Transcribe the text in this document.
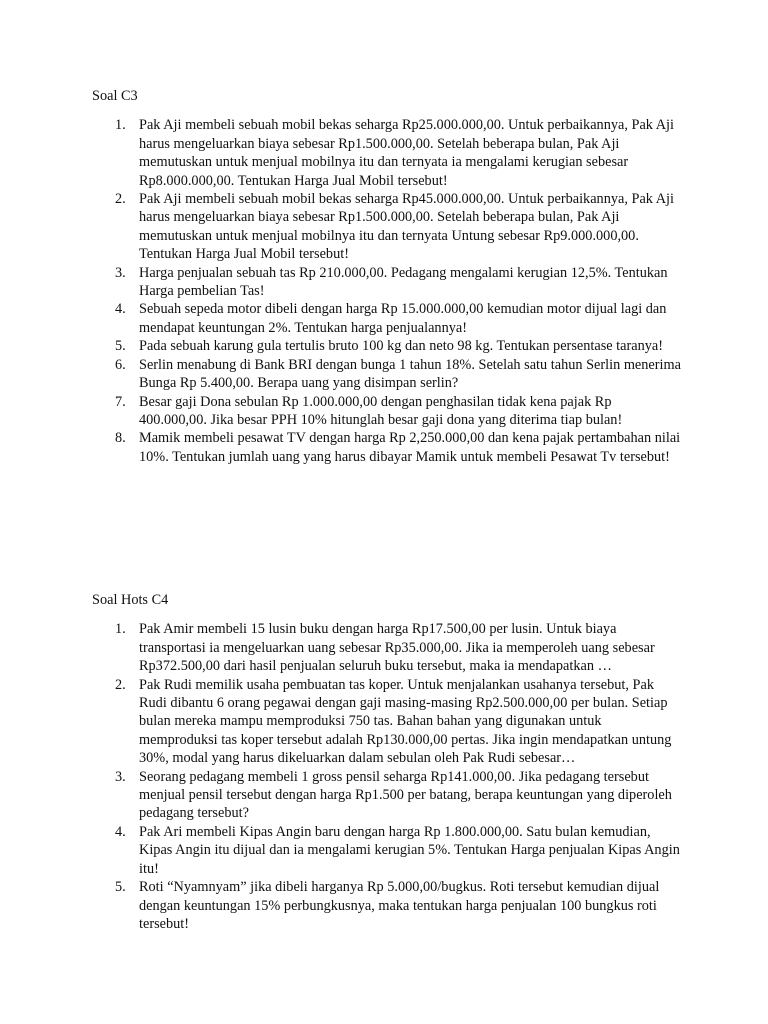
Soal C3
1. Pak Aji membeli sebuah mobil bekas seharga Rp25.000.000,00. Untuk perbaikannya, Pak Aji harus mengeluarkan biaya sebesar Rp1.500.000,00. Setelah beberapa bulan, Pak Aji memutuskan untuk menjual mobilnya itu dan ternyata ia mengalami kerugian sebesar Rp8.000.000,00. Tentukan Harga Jual Mobil tersebut!
2. Pak Aji membeli sebuah mobil bekas seharga Rp45.000.000,00. Untuk perbaikannya, Pak Aji harus mengeluarkan biaya sebesar Rp1.500.000,00. Setelah beberapa bulan, Pak Aji memutuskan untuk menjual mobilnya itu dan ternyata Untung sebesar Rp9.000.000,00. Tentukan Harga Jual Mobil tersebut!
3. Harga penjualan sebuah tas Rp 210.000,00. Pedagang mengalami kerugian 12,5%. Tentukan Harga pembelian Tas!
4. Sebuah sepeda motor dibeli dengan harga Rp 15.000.000,00 kemudian motor dijual lagi dan mendapat keuntungan 2%. Tentukan harga penjualannya!
5. Pada sebuah karung gula tertulis bruto 100 kg dan neto 98 kg. Tentukan persentase taranya!
6. Serlin menabung di Bank BRI dengan bunga 1 tahun 18%. Setelah satu tahun Serlin menerima Bunga Rp 5.400,00. Berapa uang yang disimpan serlin?
7. Besar gaji Dona sebulan Rp 1.000.000,00 dengan penghasilan tidak kena pajak Rp 400.000,00. Jika besar PPH 10% hitunglah besar gaji dona yang diterima tiap bulan!
8. Mamik membeli pesawat TV dengan harga Rp 2,250.000,00 dan kena pajak pertambahan nilai 10%. Tentukan jumlah uang yang harus dibayar Mamik untuk membeli Pesawat Tv tersebut!
Soal Hots C4
1. Pak Amir membeli 15 lusin buku dengan harga Rp17.500,00 per lusin. Untuk biaya transportasi ia mengeluarkan uang sebesar Rp35.000,00. Jika ia memperoleh uang sebesar Rp372.500,00 dari hasil penjualan seluruh buku tersebut, maka ia mendapatkan …
2. Pak Rudi memilik usaha pembuatan tas koper. Untuk menjalankan usahanya tersebut, Pak Rudi dibantu 6 orang pegawai dengan gaji masing-masing Rp2.500.000,00 per bulan. Setiap bulan mereka mampu memproduksi 750 tas. Bahan bahan yang digunakan untuk memproduksi tas koper tersebut adalah Rp130.000,00 pertas. Jika ingin mendapatkan untung 30%, modal yang harus dikeluarkan dalam sebulan oleh Pak Rudi sebesar…
3. Seorang pedagang membeli 1 gross pensil seharga Rp141.000,00. Jika pedagang tersebut menjual pensil tersebut dengan harga Rp1.500 per batang, berapa keuntungan yang diperoleh pedagang tersebut?
4. Pak Ari membeli Kipas Angin baru dengan harga Rp 1.800.000,00. Satu bulan kemudian, Kipas Angin itu dijual dan ia mengalami kerugian 5%. Tentukan Harga penjualan Kipas Angin itu!
5. Roti “Nyamnyam” jika dibeli harganya Rp 5.000,00/bugkus. Roti tersebut kemudian dijual dengan keuntungan 15% perbungkusnya, maka tentukan harga penjualan 100 bungkus roti tersebut!
